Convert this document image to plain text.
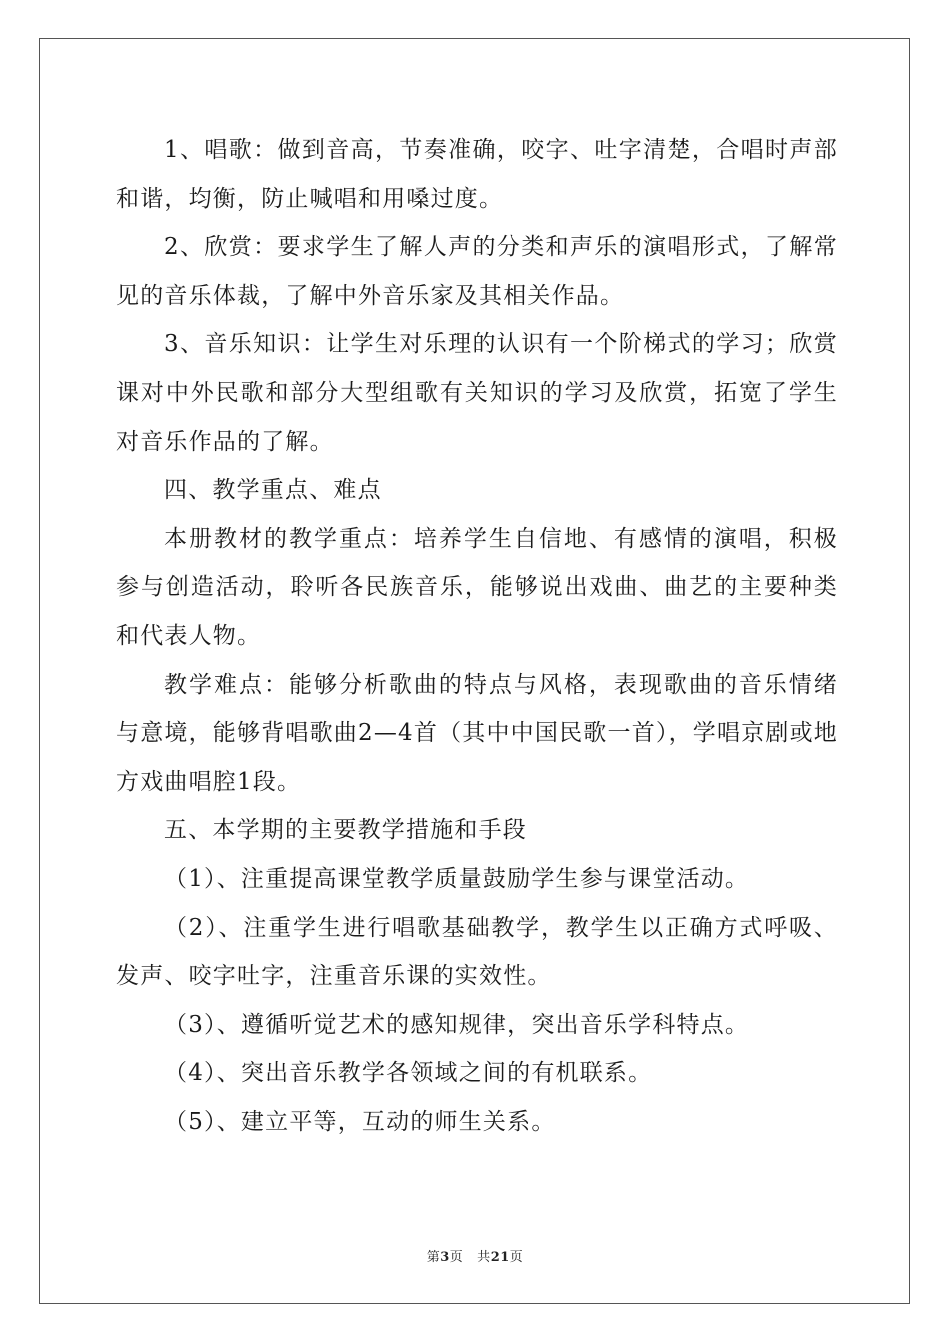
1、唱歌：做到音高，节奏准确，咬字、吐字清楚，合唱时声部和谐，均衡，防止喊唱和用嗓过度。

2、欣赏：要求学生了解人声的分类和声乐的演唱形式，了解常见的音乐体裁，了解中外音乐家及其相关作品。

3、音乐知识：让学生对乐理的认识有一个阶梯式的学习；欣赏课对中外民歌和部分大型组歌有关知识的学习及欣赏，拓宽了学生对音乐作品的了解。

四、教学重点、难点

本册教材的教学重点：培养学生自信地、有感情的演唱，积极参与创造活动，聆听各民族音乐，能够说出戏曲、曲艺的主要种类和代表人物。

教学难点：能够分析歌曲的特点与风格，表现歌曲的音乐情绪与意境，能够背唱歌曲2—4首（其中中国民歌一首），学唱京剧或地方戏曲唱腔1段。

五、本学期的主要教学措施和手段

（1）、注重提高课堂教学质量鼓励学生参与课堂活动。

（2）、注重学生进行唱歌基础教学，教学生以正确方式呼吸、发声、咬字吐字，注重音乐课的实效性。

（3）、遵循听觉艺术的感知规律，突出音乐学科特点。

（4）、突出音乐教学各领域之间的有机联系。

（5）、建立平等，互动的师生关系。

第3页 共21页
